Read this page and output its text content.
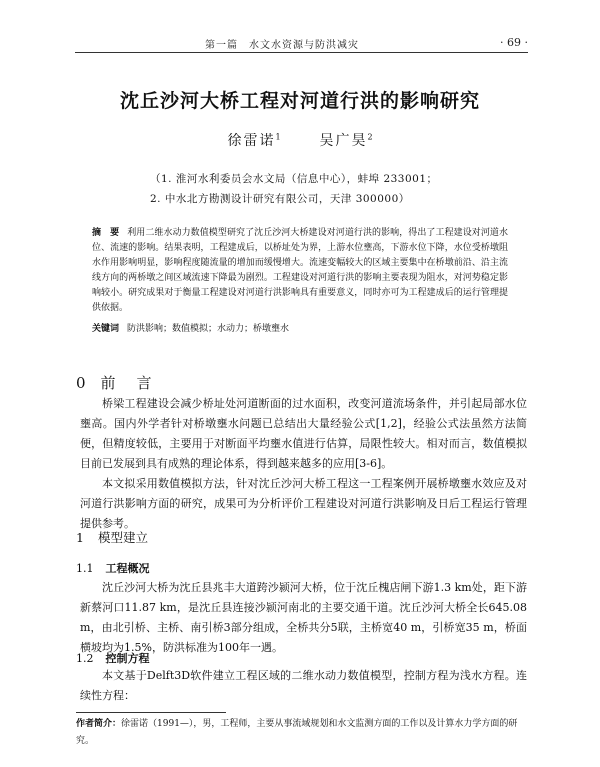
第一篇　水文水资源与防洪减灾	· 69 ·
沈丘沙河大桥工程对河道行洪的影响研究
徐雷诺$^1$	吴广昊$^2$
（1. 淮河水利委员会水文局（信息中心），蚌埠 233001；
2. 中水北方勘测设计研究有限公司，天津 300000）
摘　要 利用二维水动力数值模型研究了沈丘沙河大桥建设对河道行洪的影响，得出了工程建设对河道水位、流速的影响。结果表明，工程建成后，以桥址处为界，上游水位壅高，下游水位下降，水位受桥墩阻水作用影响明显，影响程度随流量的增加而缓慢增大。流速变幅较大的区域主要集中在桥墩前沿、沿主流线方向的两桥墩之间区域流速下降最为剧烈。工程建设对河道行洪的影响主要表现为阻水，对河势稳定影响较小。研究成果对于衡量工程建设对河道行洪影响具有重要意义，同时亦可为工程建成后的运行管理提供依据。
关键词 防洪影响；数值模拟；水动力；桥墩壅水
0 前　言
桥梁工程建设会减少桥址处河道断面的过水面积，改变河道流场条件，并引起局部水位壅高。国内外学者针对桥墩壅水问题已总结出大量经验公式[1,2]，经验公式法虽然方法简便，但精度较低，主要用于对断面平均壅水值进行估算，局限性较大。相对而言，数值模拟目前已发展到具有成熟的理论体系，得到越来越多的应用[3-6]。
本文拟采用数值模拟方法，针对沈丘沙河大桥工程这一工程案例开展桥墩壅水效应及对河道行洪影响方面的研究，成果可为分析评价工程建设对河道行洪影响及日后工程运行管理提供参考。
1 模型建立
1.1 工程概况
沈丘沙河大桥为沈丘县兆丰大道跨沙颍河大桥，位于沈丘槐店闸下游1.3 km处，距下游新蔡河口11.87 km，是沈丘县连接沙颍河南北的主要交通干道。沈丘沙河大桥全长645.08 m，由北引桥、主桥、南引桥3部分组成，全桥共分5联，主桥宽40 m，引桥宽35 m，桥面横坡均为1.5%，防洪标准为100年一遇。
1.2 控制方程
本文基于Delft3D软件建立工程区域的二维水动力数值模型，控制方程为浅水方程。连续性方程：
作者简介：徐雷诺（1991—），男，工程师，主要从事流域规划和水文监测方面的工作以及计算水力学方面的研究。
